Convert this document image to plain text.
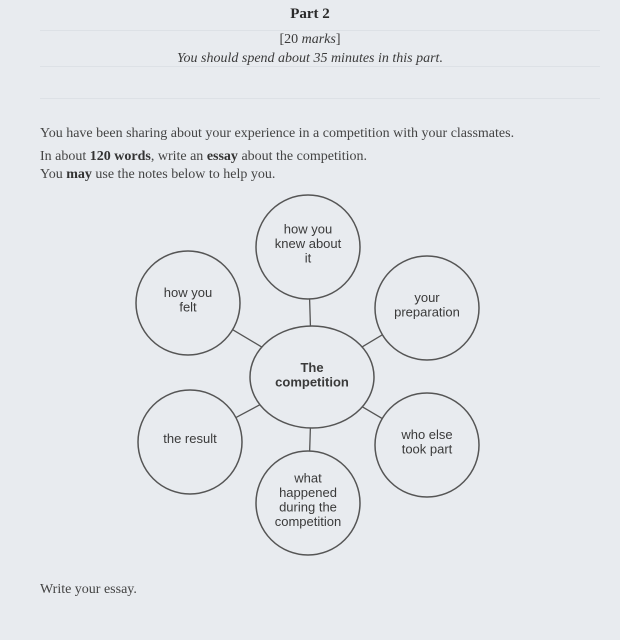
Part 2
[20 marks]
You should spend about 35 minutes in this part.
You have been sharing about your experience in a competition with your classmates.
In about 120 words, write an essay about the competition.
You may use the notes below to help you.
The
competition
how you
knew about
it
your
preparation
who else
took part
what
happened
during the
competition
the result
how you
felt
Write your essay.
